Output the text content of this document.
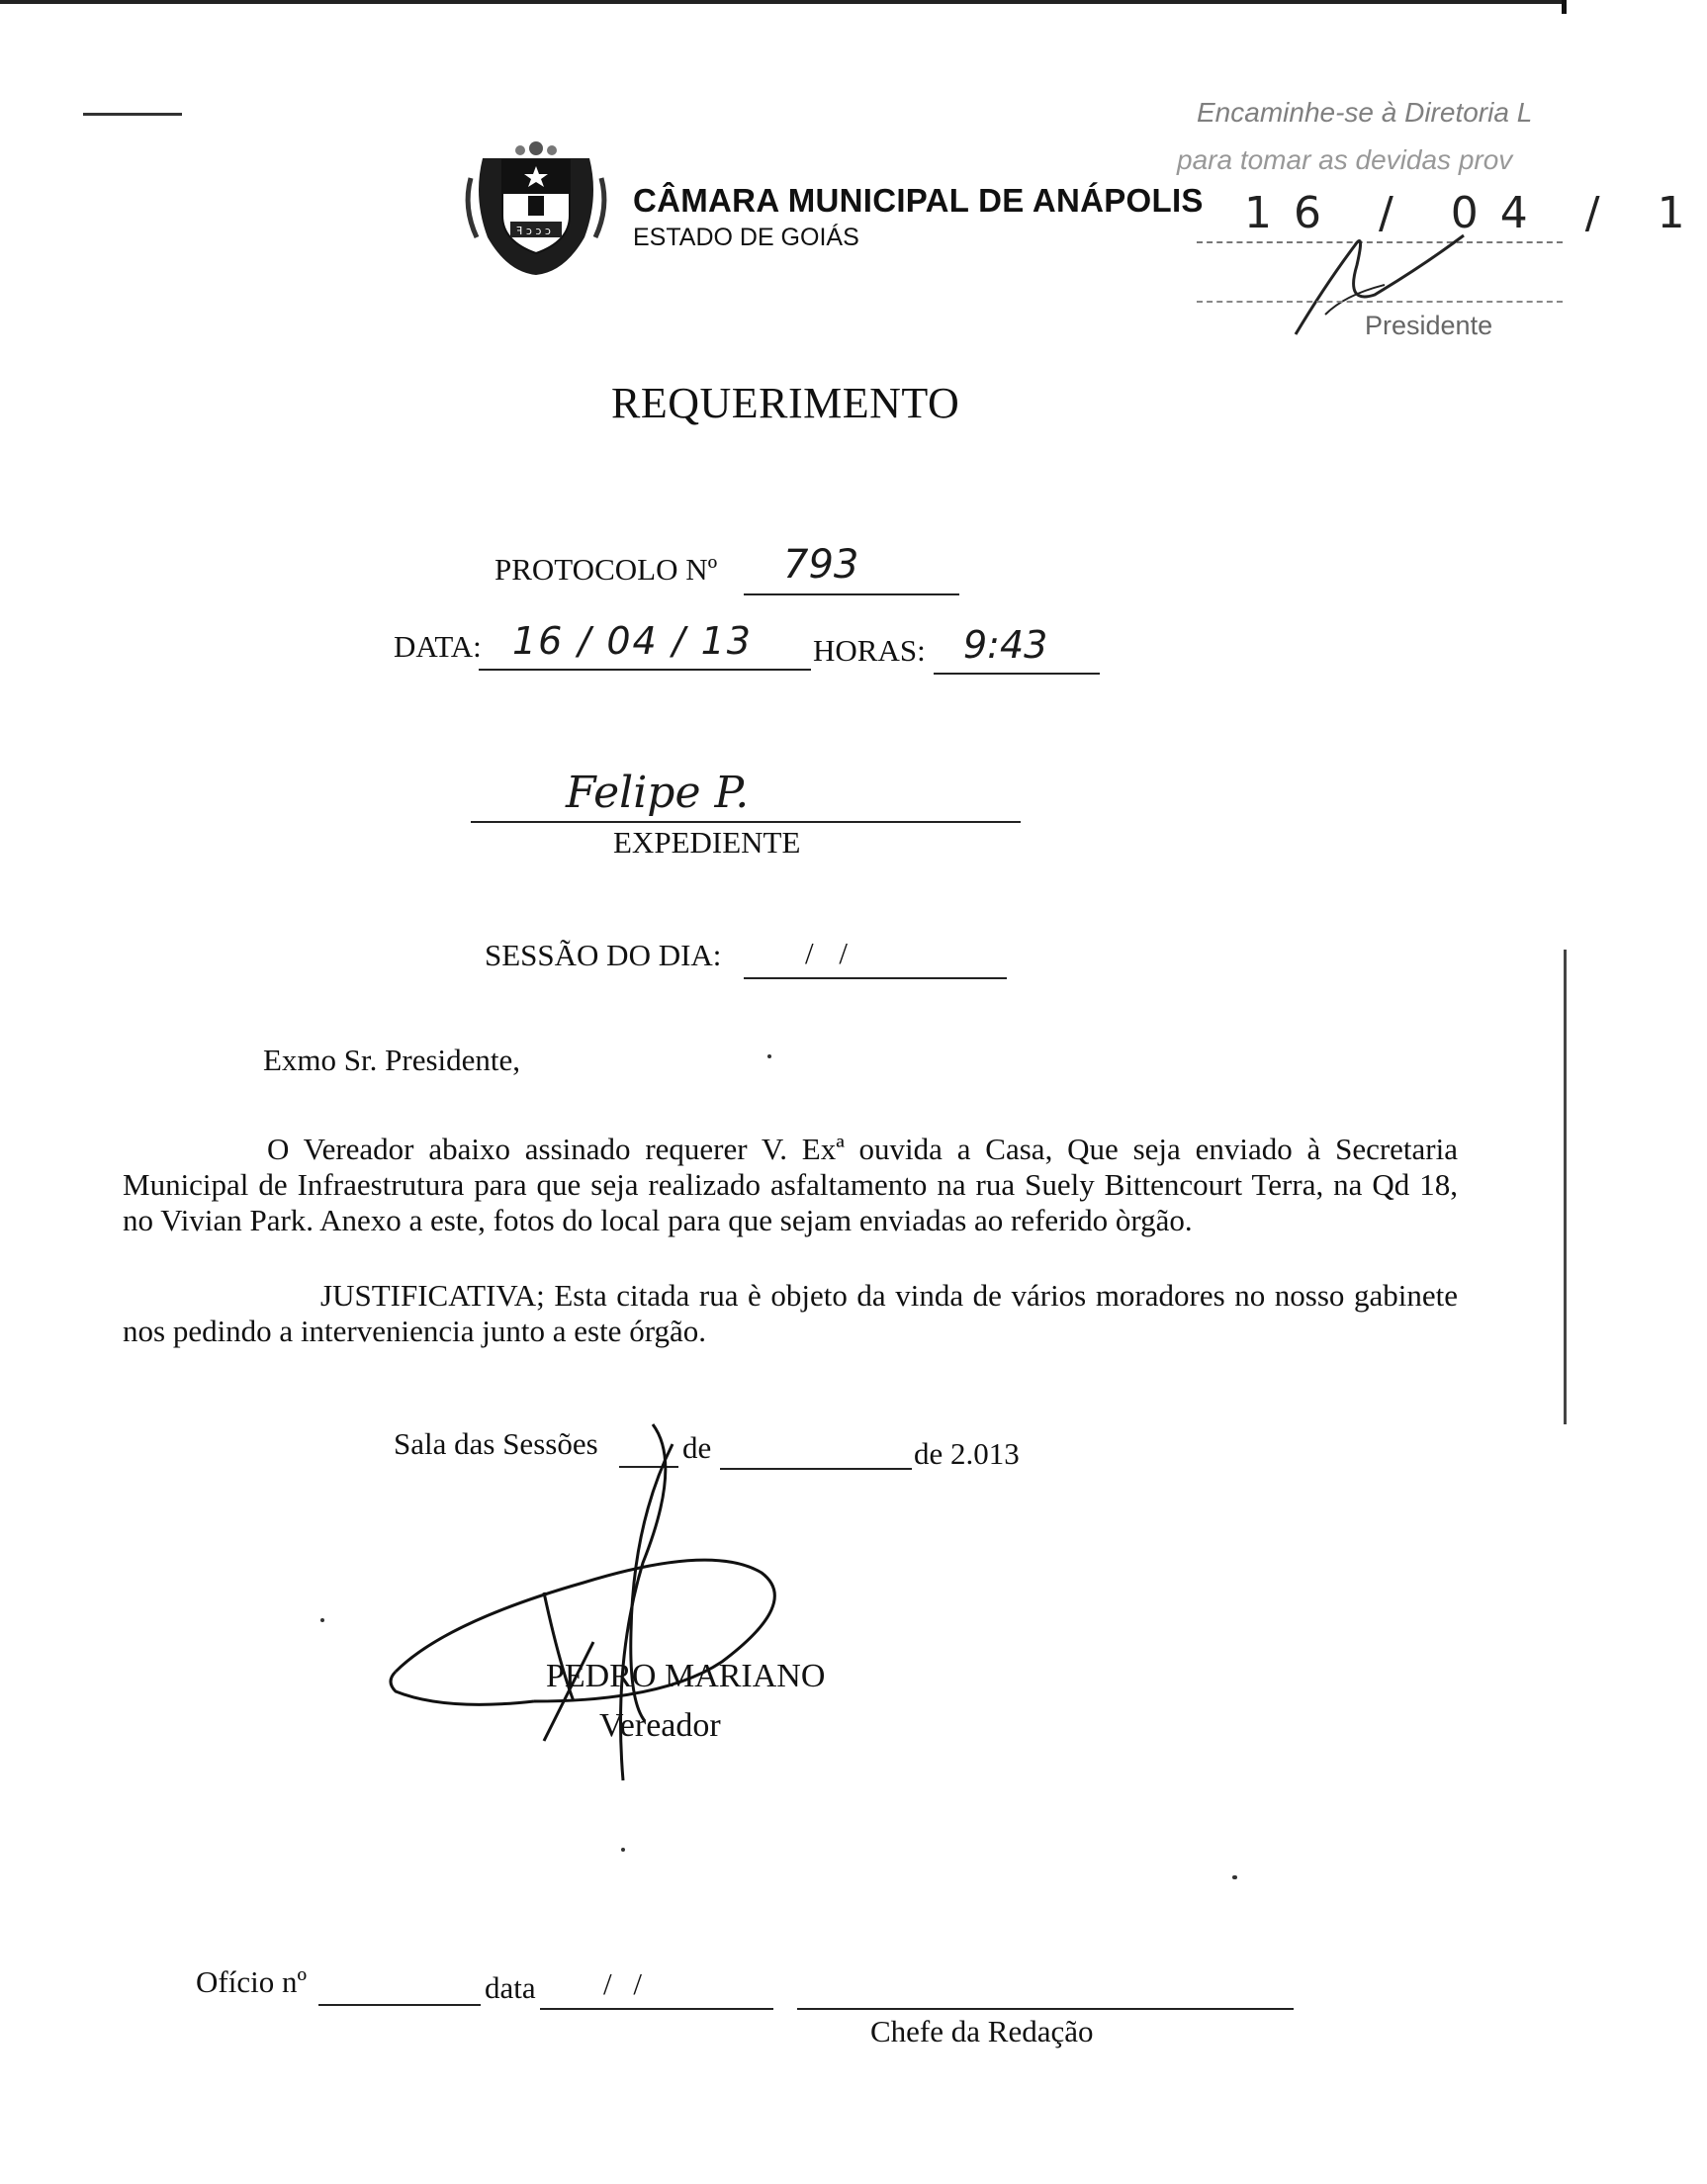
ꟻ ↄ ↄ ↄ
CÂMARA MUNICIPAL DE ANÁPOLIS
ESTADO DE GOIÁS
Encaminhe-se à Diretoria L
para tomar as devidas prov
16 / 04 / 1
Presidente
REQUERIMENTO
PROTOCOLO Nº 793
DATA: 16 / 04 / 13 HORAS: 9:43
Felipe P.
EXPEDIENTE
SESSÃO DO DIA:	/ /
Exmo Sr. Presidente,
O Vereador abaixo assinado requerer V. Exª ouvida a Casa, Que seja enviado à Secretaria Municipal de Infraestrutura para que seja realizado asfaltamento na rua Suely Bittencourt Terra, na Qd 18, no Vivian Park. Anexo a este, fotos do local para que sejam enviadas ao referido òrgão.
JUSTIFICATIVA; Esta citada rua è objeto da vinda de vários moradores no nosso gabinete nos pedindo a interveniencia junto a este órgão.
Sala das Sessões	de	de 2.013
PEDRO MARIANO
Vereador
Ofício nº	data / /
Chefe da Redação
